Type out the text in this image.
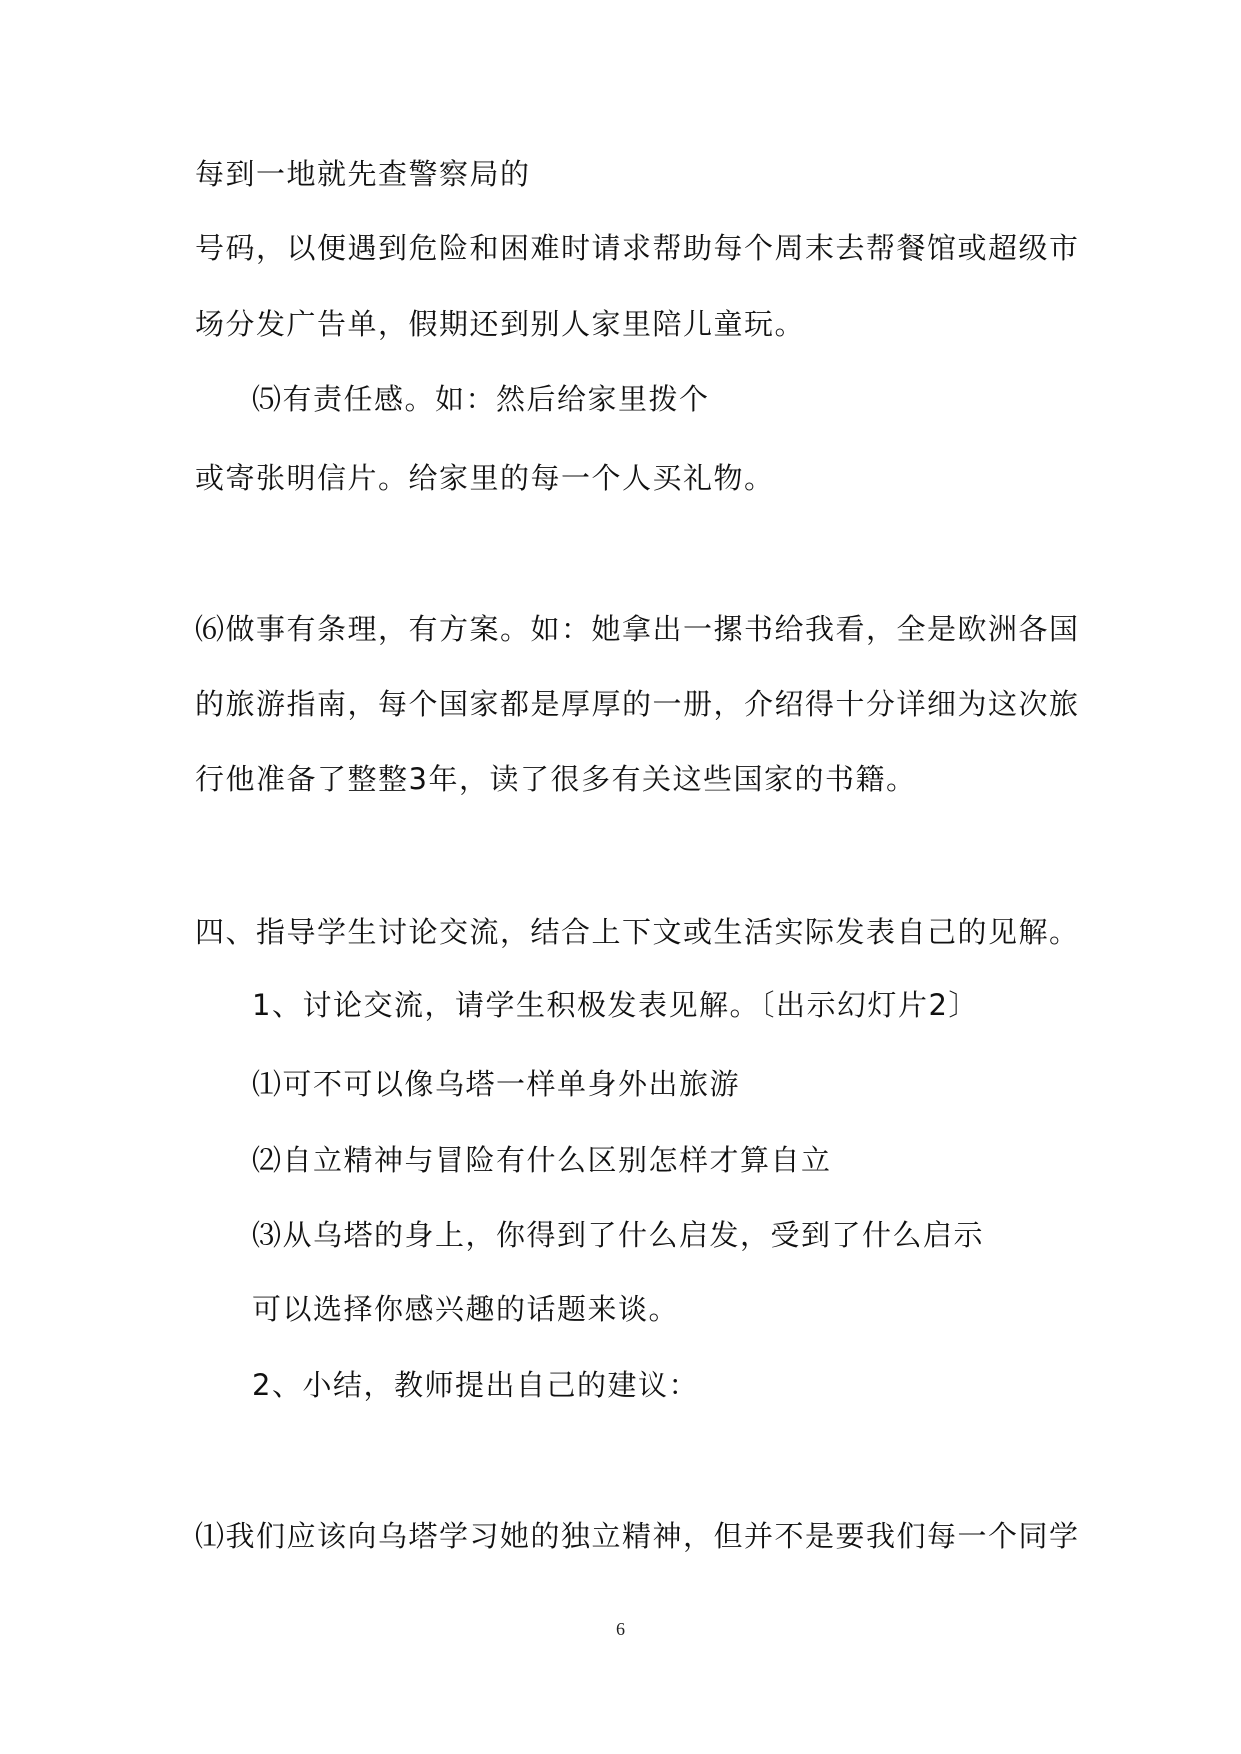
每到一地就先查警察局的
号码，以便遇到危险和困难时请求帮助每个周末去帮餐馆或超级市
场分发广告单，假期还到别人家里陪儿童玩。
⑸有责任感。如：然后给家里拨个
或寄张明信片。给家里的每一个人买礼物。
⑹做事有条理，有方案。如：她拿出一摞书给我看，全是欧洲各国
的旅游指南，每个国家都是厚厚的一册，介绍得十分详细为这次旅
行他准备了整整3年，读了很多有关这些国家的书籍。
四、指导学生讨论交流，结合上下文或生活实际发表自己的见解。
1、讨论交流，请学生积极发表见解。〔出示幻灯片2〕
⑴可不可以像乌塔一样单身外出旅游
⑵自立精神与冒险有什么区别怎样才算自立
⑶从乌塔的身上，你得到了什么启发，受到了什么启示
可以选择你感兴趣的话题来谈。
2、小结，教师提出自己的建议：
⑴我们应该向乌塔学习她的独立精神，但并不是要我们每一个同学
6
